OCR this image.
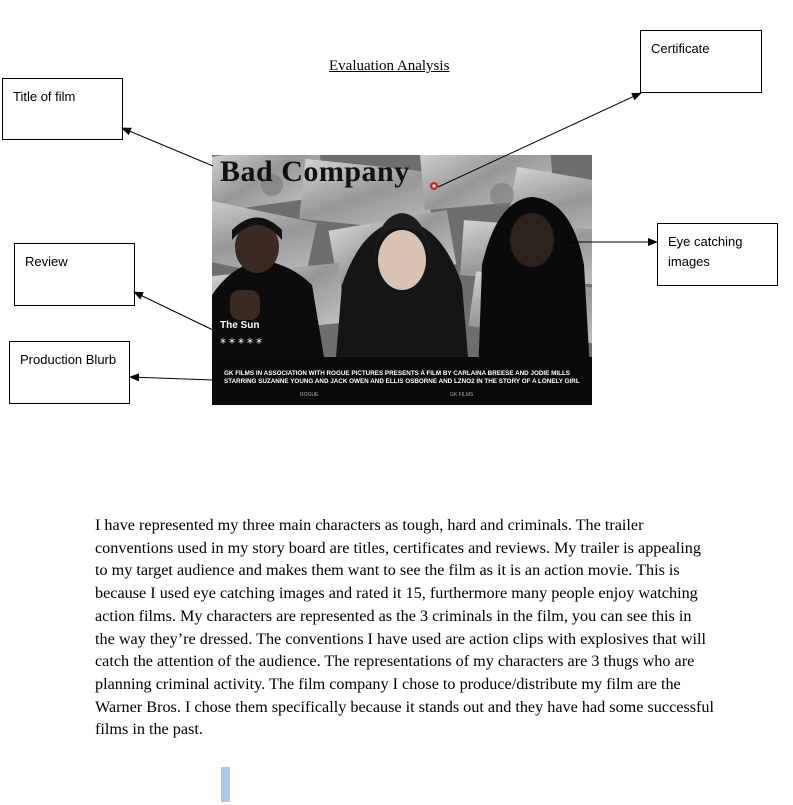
Evaluation Analysis
Title of film
Certificate
Review
Production Blurb
Eye catching images
Bad Company
The Sun
*****
GK FILMS IN ASSOCIATION WITH ROGUE PICTURES PRESENTS A FILM BY CARLAINA BREESE AND JODIE MILLS
STARRING SUZANNE YOUNG AND JACK OWEN AND ELLIS OSBORNE AND LZNO2 IN THE STORY OF A LONELY GIRL
ROGUE	GK FILMS
I have represented my three main characters as tough, hard and criminals. The trailer conventions used in my story board are titles, certificates and reviews. My trailer is appealing to my target audience and makes them want to see the film as it is an action movie. This is because I used eye catching images and rated it 15, furthermore many people enjoy watching action films. My characters are represented as the 3 criminals in the film, you can see this in the way they’re dressed. The conventions I have used are action clips with explosives that will catch the attention of the audience. The representations of my characters are 3 thugs who are planning criminal activity. The film company I chose to produce/distribute my film are the Warner Bros. I chose them specifically because it stands out and they have had some successful films in the past.
